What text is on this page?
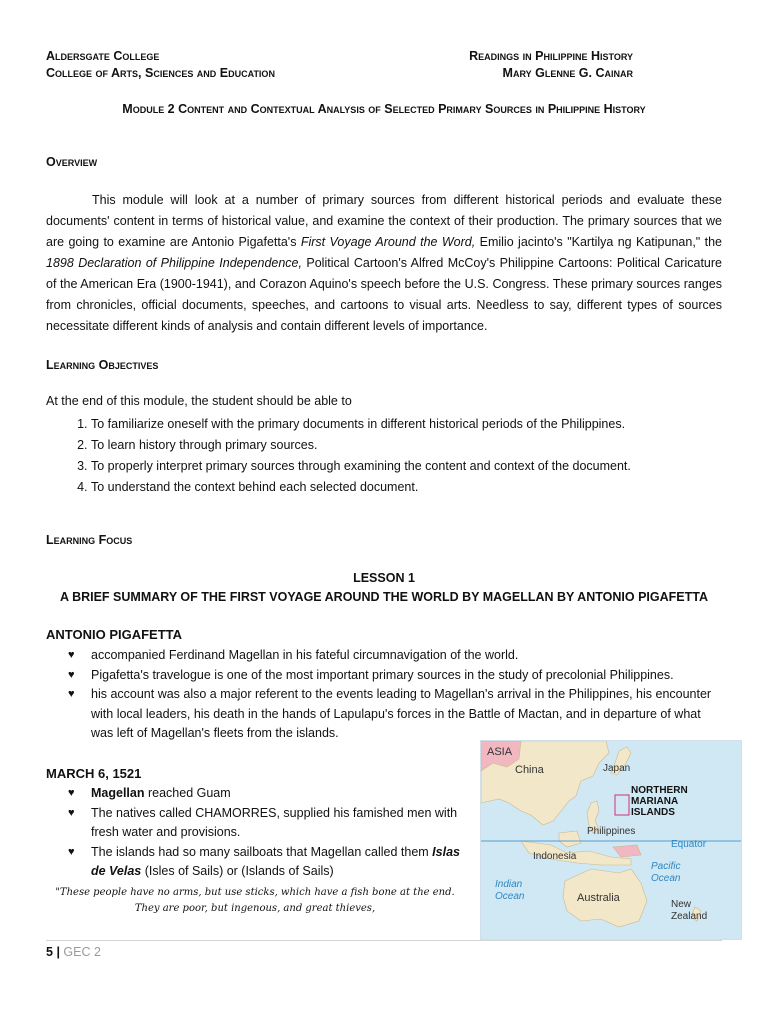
Aldersgate College
College of Arts, Sciences and Education
Readings in Philippine History
Mary Glenne G. Cainar
Module 2 Content and Contextual Analysis of Selected Primary Sources in Philippine History
Overview

This module will look at a number of primary sources from different historical periods and evaluate these documents' content in terms of historical value, and examine the context of their production. The primary sources that we are going to examine are Antonio Pigafetta's First Voyage Around the Word, Emilio jacinto's "Kartilya ng Katipunan," the 1898 Declaration of Philippine Independence, Political Cartoon's Alfred McCoy's Philippine Cartoons: Political Caricature of the American Era (1900-1941), and Corazon Aquino's speech before the U.S. Congress. These primary sources ranges from chronicles, official documents, speeches, and cartoons to visual arts. Needless to say, different types of sources necessitate different kinds of analysis and contain different levels of importance.

Learning Objectives
At the end of this module, the student should be able to
1. To familiarize oneself with the primary documents in different historical periods of the Philippines.
2. To learn history through primary sources.
3. To properly interpret primary sources through examining the content and context of the document.
4. To understand the context behind each selected document.
Learning Focus
LESSON 1
A BRIEF SUMMARY OF THE FIRST VOYAGE AROUND THE WORLD BY MAGELLAN BY ANTONIO PIGAFETTA
ANTONIO PIGAFETTA
♥ accompanied Ferdinand Magellan in his fateful circumnavigation of the world.
♥ Pigafetta's travelogue is one of the most important primary sources in the study of precolonial Philippines.
♥ his account was also a major referent to the events leading to Magellan's arrival in the Philippines, his encounter with local leaders, his death in the hands of Lapulapu's forces in the Battle of Mactan, and in departure of what was left of Magellan's fleets from the islands.
MARCH 6, 1521
♥ Magellan reached Guam
♥ The natives called CHAMORRES, supplied his famished men with fresh water and provisions.
♥ The islands had so many sailboats that Magellan called them Islas de Velas (Isles of Sails) or (Islands of Sails)
"These people have no arms, but use sticks, which have a fish bone at the end.
They are poor, but ingenous, and great thieves,
ASIA
China	Japan
NORTHERN
MARIANA
ISLANDS
Equator
Philippines
Indonesia
Pacific
Ocean
Indian
Ocean	Australia
New
Zealand
5 | GEC 2
